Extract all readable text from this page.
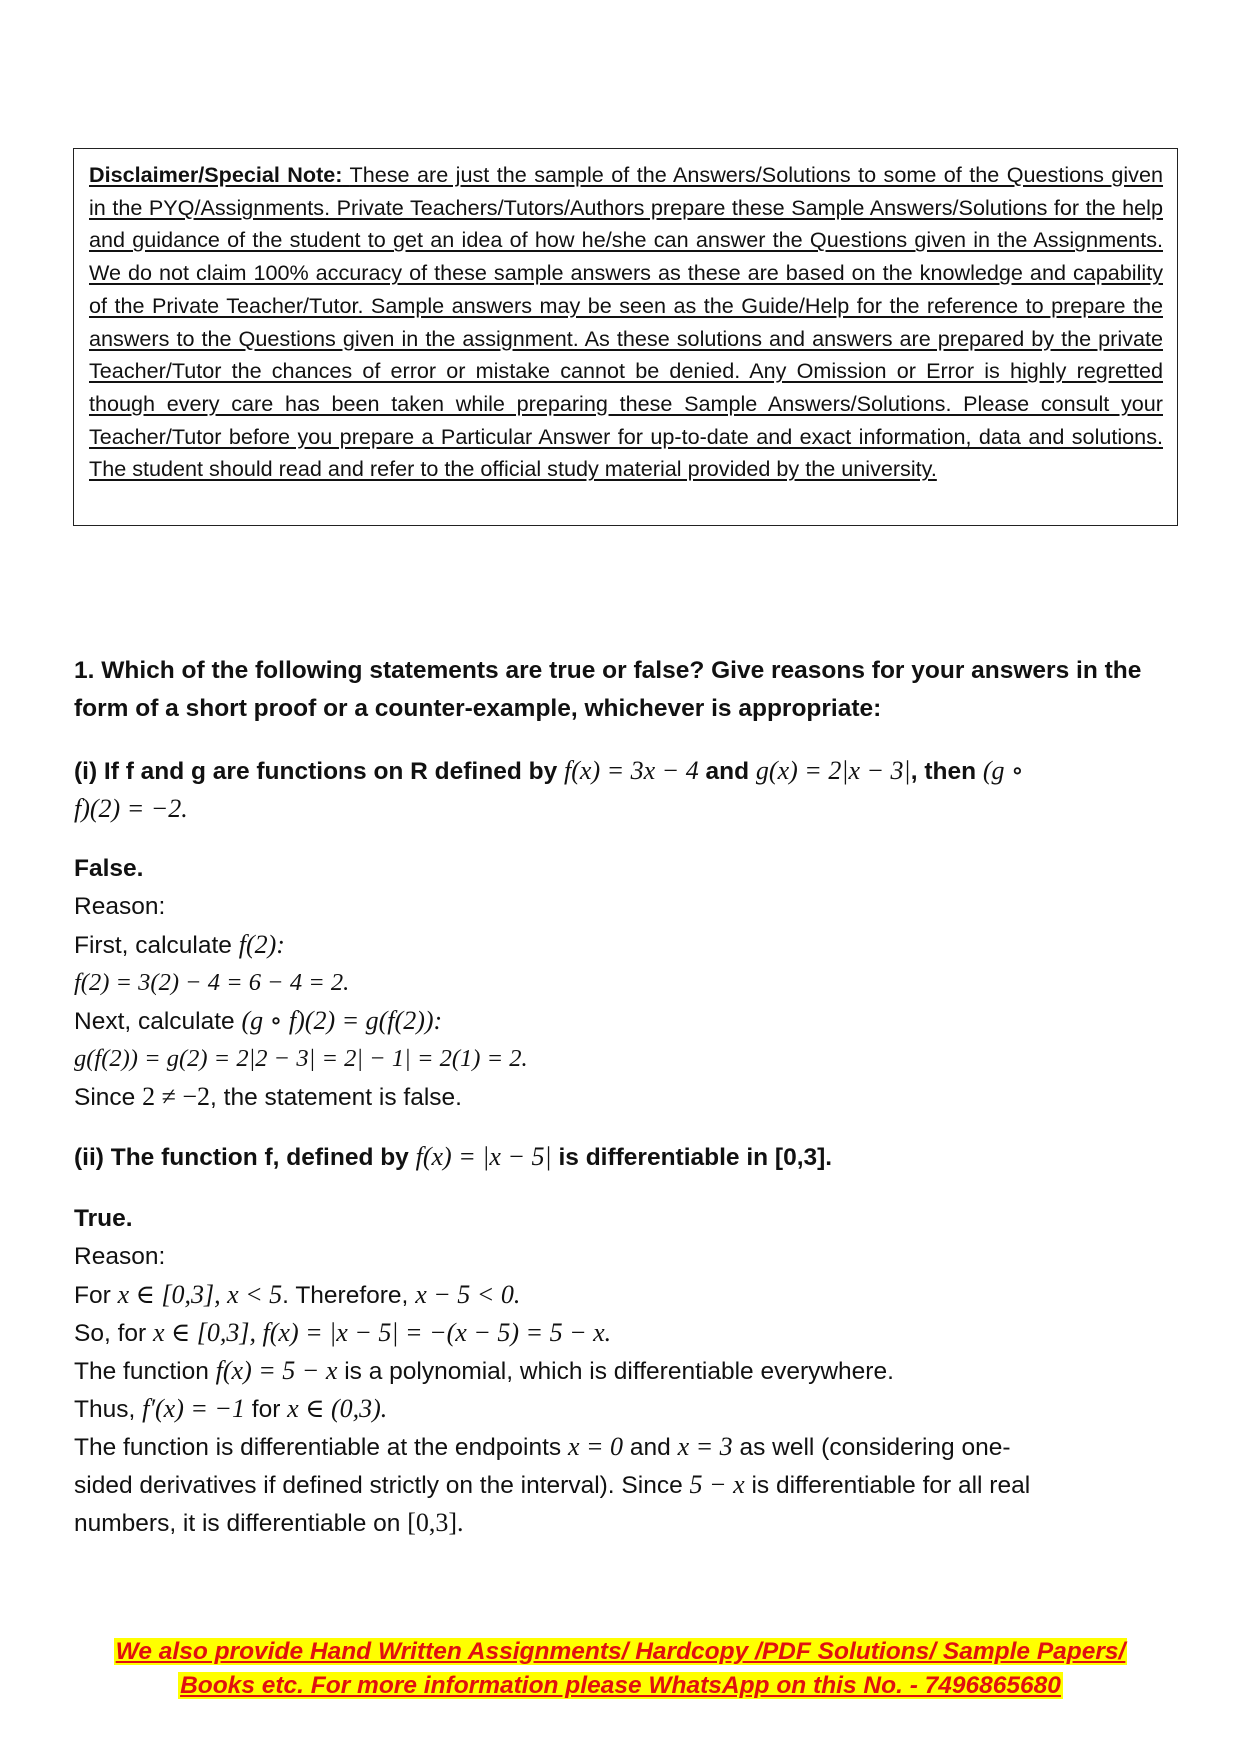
Disclaimer/Special Note: These are just the sample of the Answers/Solutions to some of the Questions given in the PYQ/Assignments. Private Teachers/Tutors/Authors prepare these Sample Answers/Solutions for the help and guidance of the student to get an idea of how he/she can answer the Questions given in the Assignments. We do not claim 100% accuracy of these sample answers as these are based on the knowledge and capability of the Private Teacher/Tutor. Sample answers may be seen as the Guide/Help for the reference to prepare the answers to the Questions given in the assignment. As these solutions and answers are prepared by the private Teacher/Tutor the chances of error or mistake cannot be denied. Any Omission or Error is highly regretted though every care has been taken while preparing these Sample Answers/Solutions. Please consult your Teacher/Tutor before you prepare a Particular Answer for up-to-date and exact information, data and solutions. The student should read and refer to the official study material provided by the university.

1. Which of the following statements are true or false? Give reasons for your answers in the form of a short proof or a counter-example, whichever is appropriate:

(i) If f and g are functions on R defined by f(x) = 3x − 4 and g(x) = 2|x − 3|, then (g ∘
f)(2) = −2.
False.
Reason:
First, calculate f(2):
f(2) = 3(2) − 4 = 6 − 4 = 2.
Next, calculate (g ∘ f)(2) = g(f(2)):
g(f(2)) = g(2) = 2|2 − 3| = 2| − 1| = 2(1) = 2.
Since 2 ≠ −2, the statement is false.
(ii) The function f, defined by f(x) = |x − 5| is differentiable in [0,3].
True.
Reason:
For x ∈ [0,3], x < 5. Therefore, x − 5 < 0.
So, for x ∈ [0,3], f(x) = |x − 5| = −(x − 5) = 5 − x.
The function f(x) = 5 − x is a polynomial, which is differentiable everywhere.
Thus, f′(x) = −1 for x ∈ (0,3).
The function is differentiable at the endpoints x = 0 and x = 3 as well (considering one-
sided derivatives if defined strictly on the interval). Since 5 − x is differentiable for all real
numbers, it is differentiable on [0,3].
We also provide Hand Written Assignments/ Hardcopy /PDF Solutions/ Sample Papers/
Books etc. For more information please WhatsApp on this No. - 7496865680
